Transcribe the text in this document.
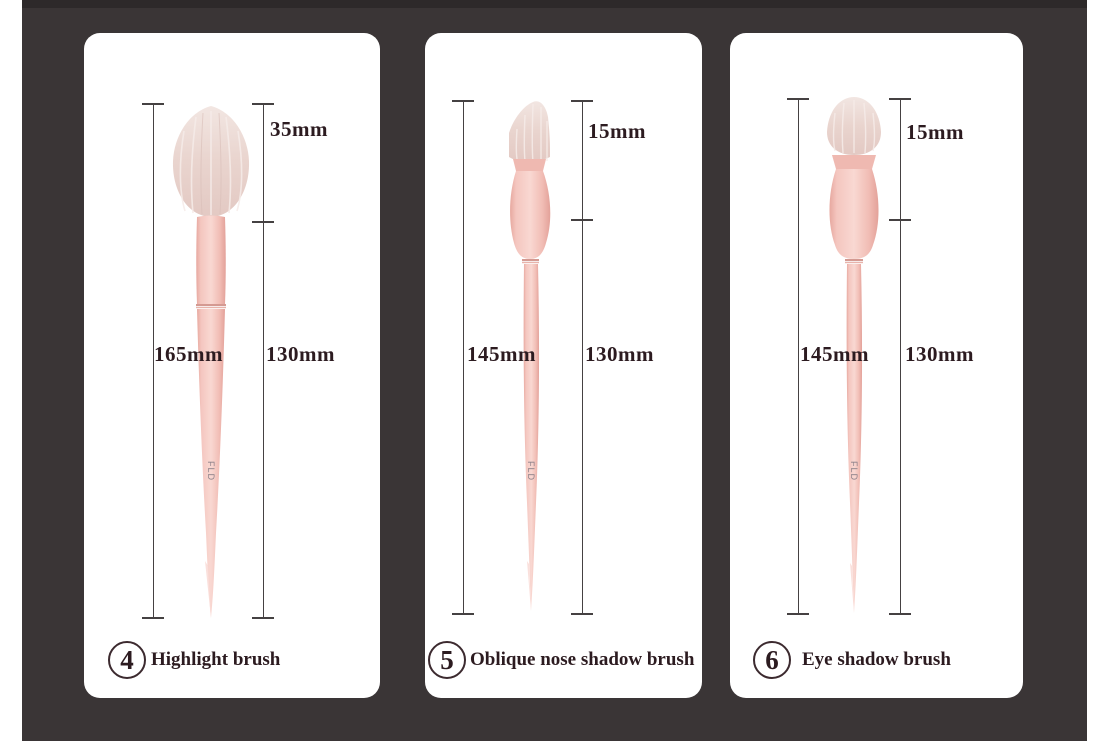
FLD
35mm
165mm 130mm
4 Highlight brush
FLD
15mm
145mm 130mm
5 Oblique nose shadow brush
FLD
15mm
145mm 130mm
6 Eye shadow brush
